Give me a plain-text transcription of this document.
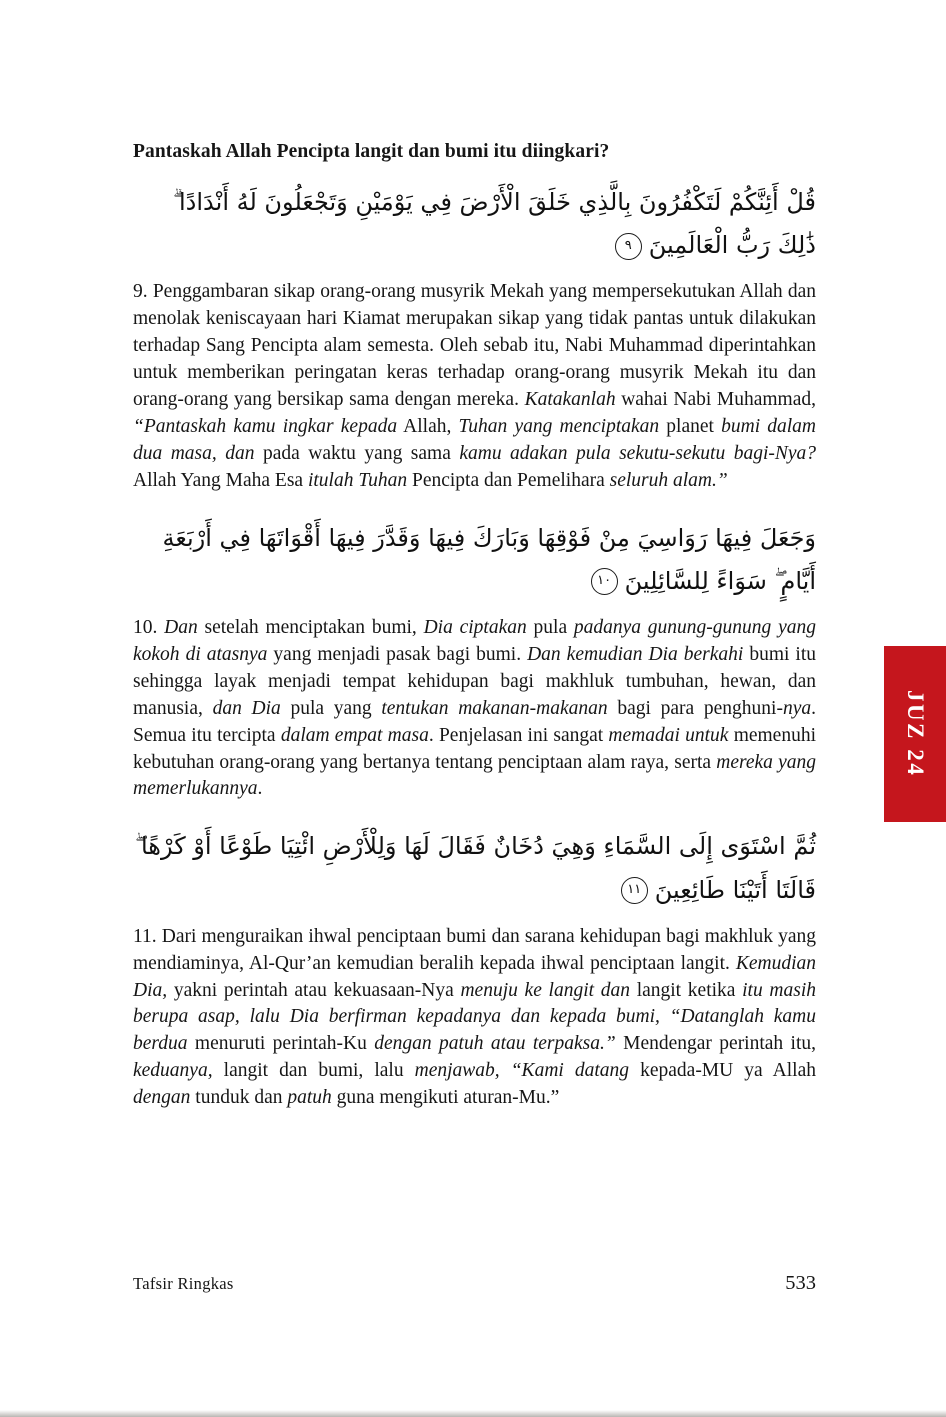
Pantaskah Allah Pencipta langit dan bumi itu diingkari?

قُلْ أَئِنَّكُمْ لَتَكْفُرُونَ بِالَّذِي خَلَقَ الْأَرْضَ فِي يَوْمَيْنِ وَتَجْعَلُونَ لَهُ أَنْدَادًا ۗ ذَٰلِكَ رَبُّ الْعَالَمِينَ٩

9. Penggambaran sikap orang-orang musyrik Mekah yang mempersekutukan Allah dan menolak keniscayaan hari Kiamat merupakan sikap yang tidak pantas untuk dilakukan terhadap Sang Pencipta alam semesta. Oleh sebab itu, Nabi Muhammad diperintahkan untuk memberikan peringatan keras terhadap orang-orang musyrik Mekah itu dan orang-orang yang bersikap sama dengan mereka. Katakanlah wahai Nabi Muhammad, “Pantaskah kamu ingkar kepada Allah, Tuhan yang menciptakan planet bumi dalam dua masa, dan pada waktu yang sama kamu adakan pula sekutu-sekutu bagi-Nya? Allah Yang Maha Esa itulah Tuhan Pencipta dan Pemelihara seluruh alam.”

وَجَعَلَ فِيهَا رَوَاسِيَ مِنْ فَوْقِهَا وَبَارَكَ فِيهَا وَقَدَّرَ فِيهَا أَقْوَاتَهَا فِي أَرْبَعَةِ أَيَّامٍ ۖ سَوَاءً لِلسَّائِلِينَ١٠

10. Dan setelah menciptakan bumi, Dia ciptakan pula padanya gunung-gunung yang kokoh di atasnya yang menjadi pasak bagi bumi. Dan kemudian Dia berkahi bumi itu sehingga layak menjadi tempat kehidupan bagi makhluk tumbuhan, hewan, dan manusia, dan Dia pula yang tentukan makanan-makanan bagi para penghuni-nya. Semua itu tercipta dalam empat masa. Penjelasan ini sangat memadai untuk memenuhi kebutuhan orang-orang yang bertanya tentang penciptaan alam raya, serta mereka yang memerlukannya.

ثُمَّ اسْتَوَى إِلَى السَّمَاءِ وَهِيَ دُخَانٌ فَقَالَ لَهَا وَلِلْأَرْضِ ائْتِيَا طَوْعًا أَوْ كَرْهًا ۖ قَالَتَا أَتَيْنَا طَائِعِينَ١١

11. Dari menguraikan ihwal penciptaan bumi dan sarana kehidupan bagi makhluk yang mendiaminya, Al-Qur’an kemudian beralih kepada ihwal penciptaan langit. Kemudian Dia, yakni perintah atau kekuasaan-Nya menuju ke langit dan langit ketika itu masih berupa asap, lalu Dia berfirman kepadanya dan kepada bumi, “Datanglah kamu berdua menuruti perintah-Ku dengan patuh atau terpaksa.” Mendengar perintah itu, keduanya, langit dan bumi, lalu menjawab, “Kami datang kepada-MU ya Allah dengan tunduk dan patuh guna mengikuti aturan-Mu.”

JUZ 24
Tafsir Ringkas	533
